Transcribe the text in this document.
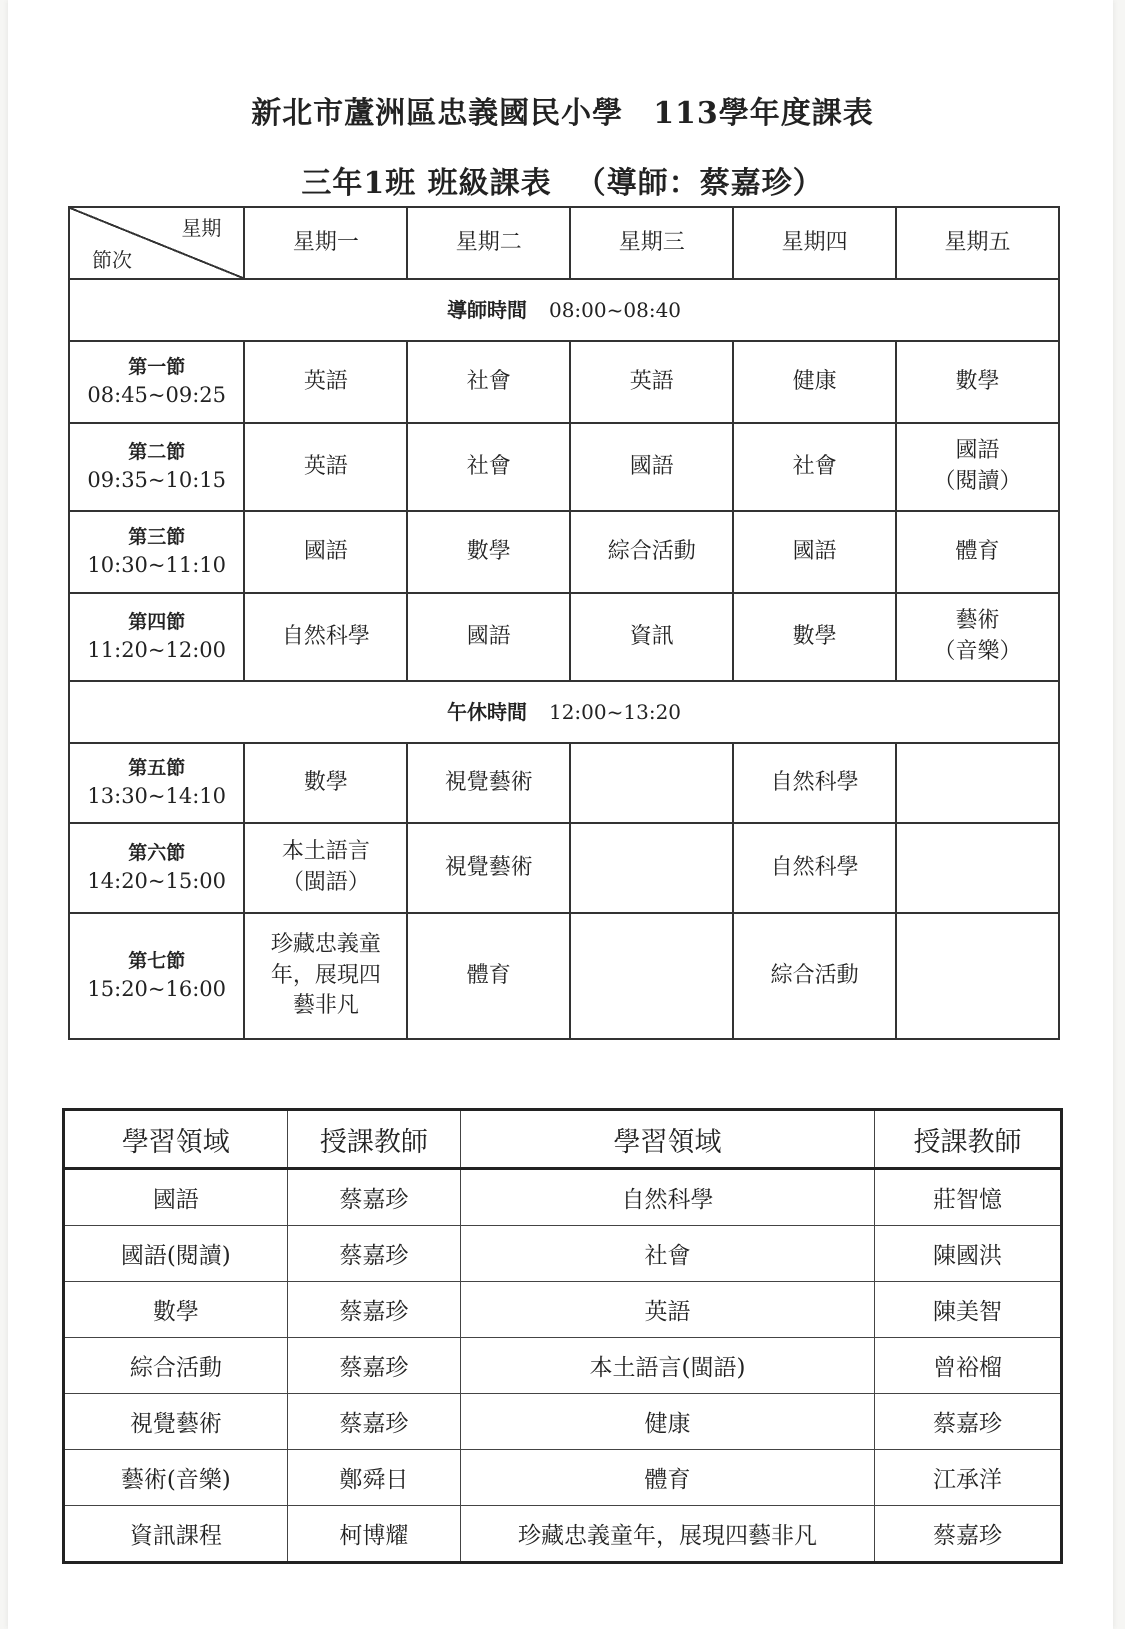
新北市蘆洲區忠義國民小學 113學年度課表
三年1班 班級課表 （導師：蔡嘉珍）
星期
節次	星期一	星期二	星期三	星期四	星期五
導師時間 08:00~08:40					

第一節
08:45~09:25	英語	社會	英語	健康	數學

第二節
09:35~10:15	英語	社會	國語	社會	國語
（閱讀）

第三節
10:30~11:10	國語	數學	綜合活動	國語	體育

第四節
11:20~12:00	自然科學	國語	資訊	數學	藝術
（音樂）

午休時間 12:00~13:20					

第五節
13:30~14:10	數學	視覺藝術		自然科學	

第六節
14:20~15:00	本土語言
（閩語）	視覺藝術		自然科學	

第七節
15:20~16:00	珍藏忠義童
年，展現四
藝非凡	體育		綜合活動	

學習領域	授課教師	學習領域	授課教師
國語	蔡嘉珍	自然科學	莊智憶
國語(閱讀)	蔡嘉珍	社會	陳國洪
數學	蔡嘉珍	英語	陳美智
綜合活動	蔡嘉珍	本土語言(閩語)	曾裕榴
視覺藝術	蔡嘉珍	健康	蔡嘉珍
藝術(音樂)	鄭舜日	體育	江承洋
資訊課程	柯博耀	珍藏忠義童年，展現四藝非凡	蔡嘉珍
